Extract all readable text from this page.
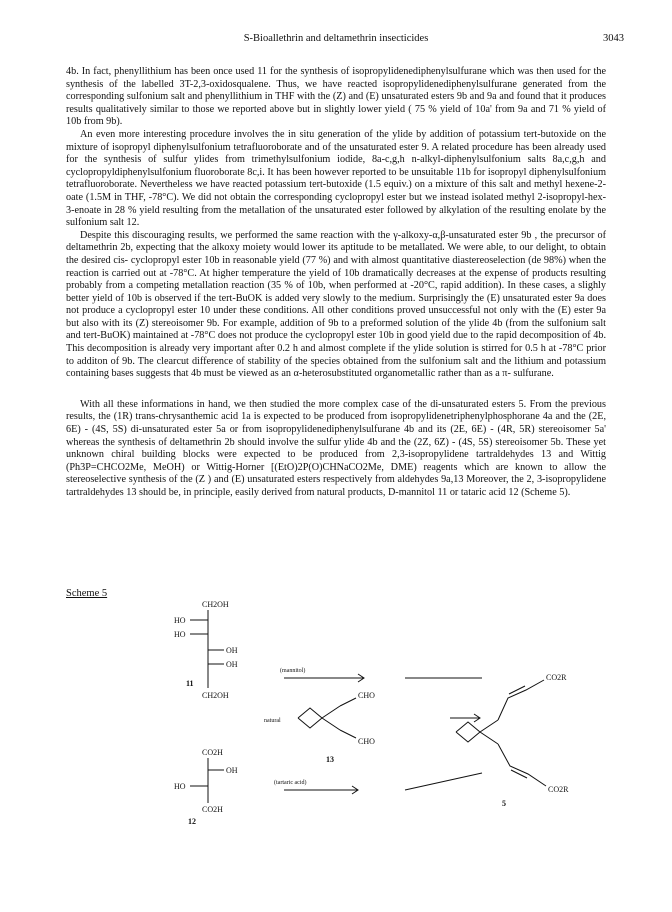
S-Bioallethrin and deltamethrin insecticides	3043

4b. In fact, phenyllithium has been once used 11 for the synthesis of isopropylidenediphenylsulfurane which was then used for the synthesis of the labelled 3T-2,3-oxidosqualene. Thus, we have reacted isopropylidenediphenylsulfurane generated from the corresponding sulfonium salt and phenyllithium in THF with the (Z) and (E) unsaturated esters 9b and 9a and found that it produces results qualitatively similar to those we reported above but in slightly lower yield ( 75 % yield of 10a' from 9a and 71 % yield of 10b from 9b).

An even more interesting procedure involves the in situ generation of the ylide by addition of potassium tert-butoxide on the mixture of isopropyl diphenylsulfonium tetrafluoroborate and of the unsaturated ester 9. A related procedure has been already used for the synthesis of sulfur ylides from trimethylsulfonium iodide, 8a-c,g,h n-alkyl-diphenylsulfonium salts 8a,c,g,h and cyclopropyldiphenylsulfonium fluoroborate 8c,i. It has been however reported to be unsuitable 11b for isopropyl diphenylsulfonium tetrafluoroborate. Nevertheless we have reacted potassium tert-butoxide (1.5 equiv.) on a mixture of this salt and methyl hexene-2-oate (1.5M in THF, -78°C). We did not obtain the corresponding cyclopropyl ester but we instead isolated methyl 2-isopropyl-hex-3-enoate in 28 % yield resulting from the metallation of the unsaturated ester followed by alkylation of the resulting enolate by the sulfonium salt 12.

Despite this discouraging results, we performed the same reaction with the γ-alkoxy-α,β-unsaturated ester 9b , the precursor of deltamethrin 2b, expecting that the alkoxy moiety would lower its aptitude to be metallated. We were able, to our delight, to obtain the desired cis- cyclopropyl ester 10b in reasonable yield (77 %) and with almost quantitative diastereoselection (de 98%) when the reaction is carried out at -78°C. At higher temperature the yield of 10b dramatically decreases at the expense of products resulting probably from a competing metallation reaction (35 % of 10b, when performed at -20°C, rapid addition). In these cases, a slighly better yield of 10b is observed if the tert-BuOK is added very slowly to the medium. Surprisingly the (E) unsaturated ester 9a does not produce a cyclopropyl ester 10 under these conditions. All other conditions proved unsuccessful not only with the (E) ester 9a but also with its (Z) stereoisomer 9b. For example, addition of 9b to a preformed solution of the ylide 4b (from the sulfonium salt and tert-BuOK) maintained at -78°C does not produce the cyclopropyl ester 10b in good yield due to the rapid decomposition of 4b. This decomposition is already very important after 0.2 h and almost complete if the ylide solution is stirred for 0.5 h at -78°C prior to additon of 9b. The clearcut difference of stability of the species obtained from the sulfonium salt and the lithium and potassium containing bases suggests that 4b must be viewed as an α-heterosubstituted organometallic rather than as a π- sulfurane.

With all these informations in hand, we then studied the more complex case of the di-unsaturated esters 5. From the previous results, the (1R) trans-chrysanthemic acid 1a is expected to be produced from isopropylidenetriphenylphosphorane 4a and the (2E, 6E) - (4S, 5S) di-unsaturated ester 5a or from isopropylidenediphenylsulfurane 4b and its (2E, 6E) - (4R, 5R) stereoisomer 5a' whereas the synthesis of deltamethrin 2b should involve the sulfur ylide 4b and the (2Z, 6Z) - (4S, 5S) stereoisomer 5b. These yet unknown chiral building blocks were expected to be produced from 2,3-isopropylidene tartraldehydes 13 and Wittig (Ph3P=CHCO2Me, MeOH) or Wittig-Horner [(EtO)2P(O)CHNaCO2Me, DME) reagents which are known to allow the stereoselective synthesis of the (Z ) and (E) unsaturated esters respectively from aldehydes 9a,13 Moreover, the 2, 3-isopropylidene tartraldehydes 13 should be, in principle, easily derived from natural products, D-mannitol 11 or tataric acid 12 (Scheme 5).

Scheme 5
CH2OH
HO
HO
OH
OH
CH2OH
11
CO2H
OH
HO
CO2H
12
(mannitol)
natural
(tartaric acid)
CHO
CHO
13
CO2R
CO2R
5
